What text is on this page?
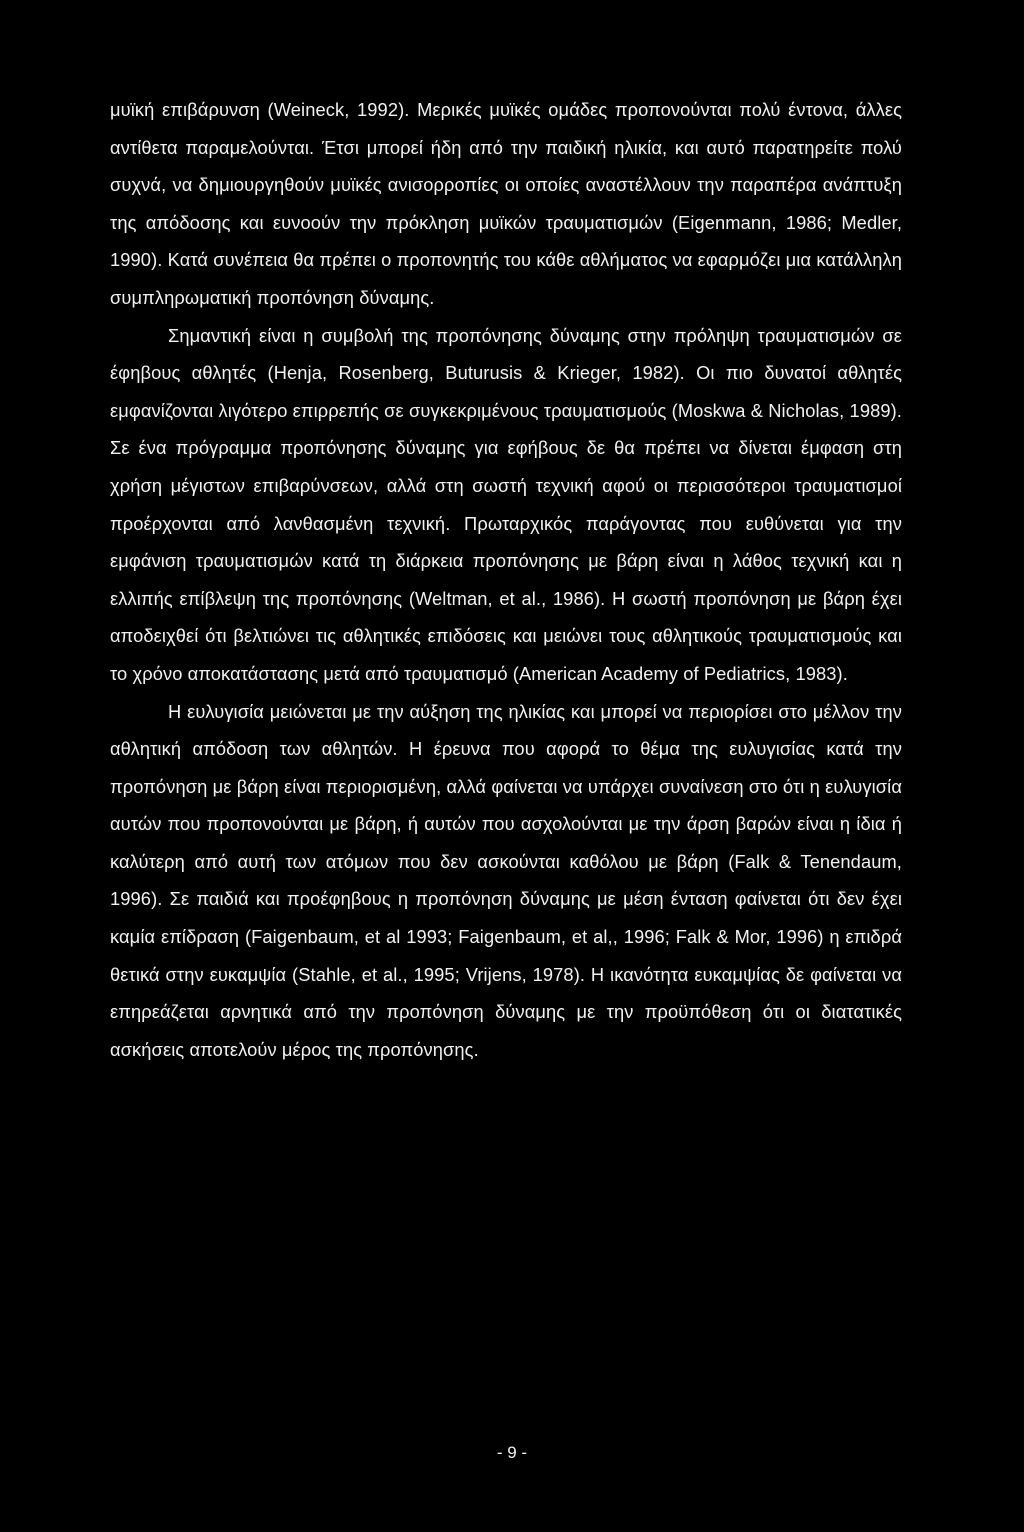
μυϊκή επιβάρυνση (Weineck, 1992). Μερικές μυϊκές ομάδες προπονούνται πολύ έντονα, άλλες αντίθετα παραμελούνται. Έτσι μπορεί ήδη από την παιδική ηλικία, και αυτό παρατηρείτε πολύ συχνά, να δημιουργηθούν μυϊκές ανισορροπίες οι οποίες αναστέλλουν την παραπέρα ανάπτυξη της απόδοσης και ευνοούν την πρόκληση μυϊκών τραυματισμών (Eigenmann, 1986; Medler, 1990). Κατά συνέπεια θα πρέπει ο προπονητής του κάθε αθλήματος να εφαρμόζει μια κατάλληλη συμπληρωματική προπόνηση δύναμης.

Σημαντική είναι η συμβολή της προπόνησης δύναμης στην πρόληψη τραυματισμών σε έφηβους αθλητές (Henja, Rosenberg, Buturusis & Krieger, 1982). Οι πιο δυνατοί αθλητές εμφανίζονται λιγότερο επιρρεπής σε συγκεκριμένους τραυματισμούς (Moskwa & Nicholas, 1989). Σε ένα πρόγραμμα προπόνησης δύναμης για εφήβους δε θα πρέπει να δίνεται έμφαση στη χρήση μέγιστων επιβαρύνσεων, αλλά στη σωστή τεχνική αφού οι περισσότεροι τραυματισμοί προέρχονται από λανθασμένη τεχνική. Πρωταρχικός παράγοντας που ευθύνεται για την εμφάνιση τραυματισμών κατά τη διάρκεια προπόνησης με βάρη είναι η λάθος τεχνική και η ελλιπής επίβλεψη της προπόνησης (Weltman, et al., 1986). Η σωστή προπόνηση με βάρη έχει αποδειχθεί ότι βελτιώνει τις αθλητικές επιδόσεις και μειώνει τους αθλητικούς τραυματισμούς και το χρόνο αποκατάστασης μετά από τραυματισμό (American Academy of Pediatrics, 1983).

Η ευλυγισία μειώνεται με την αύξηση της ηλικίας και μπορεί να περιορίσει στο μέλλον την αθλητική απόδοση των αθλητών. Η έρευνα που αφορά το θέμα της ευλυγισίας κατά την προπόνηση με βάρη είναι περιορισμένη, αλλά φαίνεται να υπάρχει συναίνεση στο ότι η ευλυγισία αυτών που προπονούνται με βάρη, ή αυτών που ασχολούνται με την άρση βαρών είναι η ίδια ή καλύτερη από αυτή των ατόμων που δεν ασκούνται καθόλου με βάρη (Falk & Tenendaum, 1996). Σε παιδιά και προέφηβους η προπόνηση δύναμης με μέση ένταση φαίνεται ότι δεν έχει καμία επίδραση (Faigenbaum, et al 1993; Faigenbaum, et al,, 1996; Falk & Mor, 1996) η επιδρά θετικά στην ευκαμψία (Stahle, et al., 1995; Vrijens, 1978). Η ικανότητα ευκαμψίας δε φαίνεται να επηρεάζεται αρνητικά από την προπόνηση δύναμης με την προϋπόθεση ότι οι διατατικές ασκήσεις αποτελούν μέρος της προπόνησης.

- 9 -
